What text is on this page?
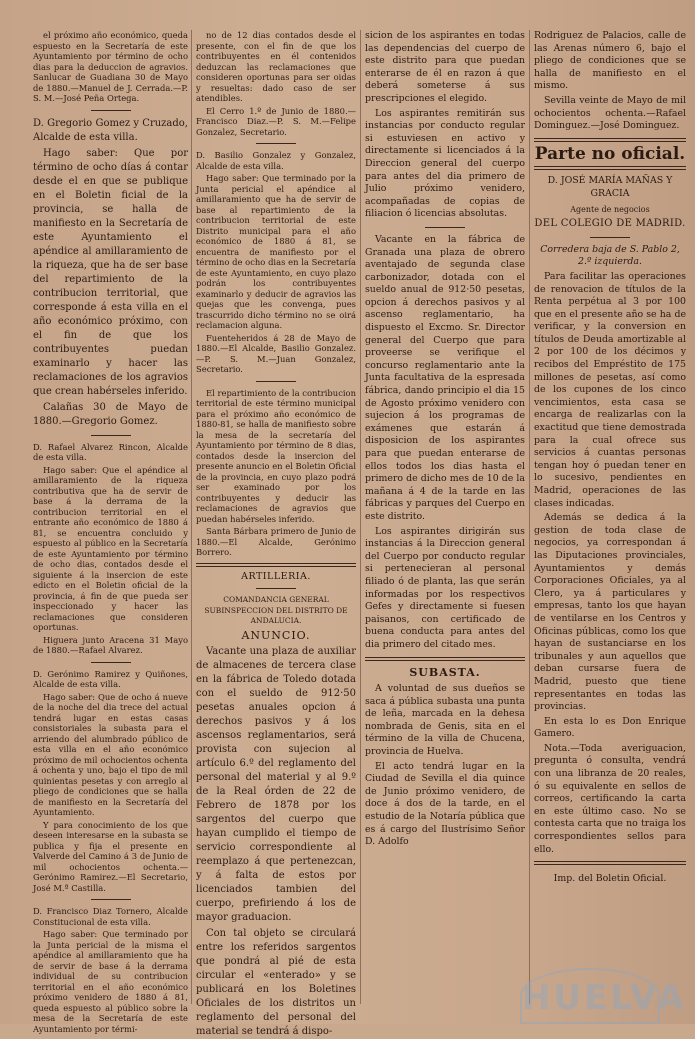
el próximo año económico, queda espuesto en la Secretaría de este Ayuntamiento por término de ocho dias para la deduccion de agravios. Sanlucar de Guadiana 30 de Mayo de 1880.—Manuel de J. Cerrada.—P. S. M.—José Peña Ortega.

D. Gregorio Gomez y Cruzado, Alcalde de esta villa.

Hago saber: Que por término de ocho días á contar desde el en que se publique en el Boletin ficial de la provincia, se halla de manifiesto en la Secretaría de este Ayuntamiento el apéndice al amillaramiento de la riqueza, que ha de ser base del repartimiento de la contribucion territorial, que corresponde á esta villa en el año económico próximo, con el fin de que los contribuyentes puedan examinarlo y hacer las reclamaciones de los agravios que crean habérseles inferido.

Calañas 30 de Mayo de 1880.—Gregorio Gomez.

D. Rafael Alvarez Rincon, Alcalde de esta villa.

Hago saber: Que el apéndice al amillaramiento de la riqueza contributiva que ha de servir de base á la derrama de la contribucion territorial en el entrante año económico de 1880 á 81, se encuentra concluido y espuesto al público en la Secretaría de este Ayuntamiento por término de ocho dias, contados desde el siguiente á la insercion de este edicto en el Boletin oficial de la provincia, á fin de que pueda ser inspeccionado y hacer las reclamaciones que consideren oportunas.

Higuera junto Aracena 31 Mayo de 1880.—Rafael Alvarez.

D. Gerónimo Ramirez y Quiñones, Alcalde de esta villa.

Hago saber: Que de ocho á nueve de la noche del dia trece del actual tendrá lugar en estas casas consistoriales la subasta para el arriendo del alumbrado público de esta villa en el año económico próximo de mil ochocientos ochenta á ochenta y uno, bajo el tipo de mil quinientas pesetas y con arreglo al pliego de condiciones que se halla de manifiesto en la Secretaría del Ayuntamiento.

Y para conocimiento de los que deseen interesarse en la subasta se publica y fija el presente en Valverde del Camino á 3 de Junio de mil ochocientos ochenta.—Gerónimo Ramirez.—El Secretario, José M.ª Castilla.

D. Francisco Diaz Tornero, Alcalde Constitucional de esta villa.

Hago saber: Que terminado por la Junta pericial de la misma el apéndice al amillaramiento que ha de servir de base á la derrama individual de su contribucion territorial en el año económico próximo venidero de 1880 á 81, queda espuesto al público sobre la mesa de la Secretaría de este Ayuntamiento por térmi-

no de 12 dias contados desde el presente, con el fin de que los contribuyentes en él contenidos deduzcan las reclamaciones que consideren oportunas para ser oidas y resueltas: dado caso de ser atendibles.

El Cerro 1.º de Junio de 1880.—Francisco Diaz.—P. S. M.—Felipe Gonzalez, Secretario.

D. Basilio Gonzalez y Gonzalez, Alcalde de esta villa.

Hago saber: Que terminado por la Junta pericial el apéndice al amillaramiento que ha de servir de base al repartimiento de la contribucion territorial de este Distrito municipal para el año económico de 1880 á 81, se encuentra de manifiesto por el término de ocho dias en la Secretaría de este Ayuntamiento, en cuyo plazo podrán los contribuyentes examinarlo y deducir de agravios las quejas que les convenga, pues trascurrido dicho término no se oirá reclamacion alguna.

Fuenteheridos á 28 de Mayo de 1880.—El Alcalde, Basilio Gonzalez.—P. S. M.—Juan Gonzalez, Secretario.

El repartimiento de la contribucion territorial de este término municipal para el próximo año económico de 1880-81, se halla de manifiesto sobre la mesa de la secretaría del Ayuntamiento por término de 8 dias, contados desde la insercion del presente anuncio en el Boletin Oficial de la provincia, en cuyo plazo podrá ser examinado por los contribuyentes y deducir las reclamaciones de agravios que puedan habérseles inferido.

Santa Bárbara primero de Junio de 1880.—El Alcalde, Gerónimo Borrero.

ARTILLERIA.

COMANDANCIA GENERAL SUBINSPECCION DEL DISTRITO DE ANDALUCIA.

ANUNCIO.

Vacante una plaza de auxiliar de almacenes de tercera clase en la fábrica de Toledo dotada con el sueldo de 912·50 pesetas anuales opcion á derechos pasivos y á los ascensos reglamentarios, será provista con sujecion al artículo 6.º del reglamento del personal del material y al 9.º de la Real órden de 22 de Febrero de 1878 por los sargentos del cuerpo que hayan cumplido el tiempo de servicio correspondiente al reemplazo á que pertenezcan, y á falta de estos por licenciados tambien del cuerpo, prefiriendo á los de mayor graduacion.

Con tal objeto se circulará entre los referidos sargentos que pondrá al pié de esta circular el «enterado» y se publicará en los Boletines Oficiales de los distritos un reglamento del personal del material se tendrá á dispo-

sicion de los aspirantes en todas las dependencias del cuerpo de este distrito para que puedan enterarse de él en razon á que deberá someterse á sus prescripciones el elegido.

Los aspirantes remitirán sus instancias por conducto regular si estuviesen en activo y directamente si licenciados á la Direccion general del cuerpo para antes del dia primero de Julio próximo venidero, acompañadas de copias de filiacion ó licencias absolutas.

Vacante en la fábrica de Granada una plaza de obrero aventajado de segunda clase carbonizador, dotada con el sueldo anual de 912·50 pesetas, opcion á derechos pasivos y al ascenso reglamentario, ha dispuesto el Excmo. Sr. Director general del Cuerpo que para proveerse se verifique el concurso reglamentario ante la Junta facultativa de la espresada fábrica, dando principio el dia 15 de Agosto próximo venidero con sujecion á los programas de exámenes que estarán á disposicion de los aspirantes para que puedan enterarse de ellos todos los dias hasta el primero de dicho mes de 10 de la mañana á 4 de la tarde en las fábricas y parques del Cuerpo en este distrito.

Los aspirantes dirigirán sus instancias á la Direccion general del Cuerpo por conducto regular si pertenecieran al personal filiado ó de planta, las que serán informadas por los respectivos Gefes y directamente si fuesen paisanos, con certificado de buena conducta para antes del dia primero del citado mes.

SUBASTA.

A voluntad de sus dueños se saca á pública subasta una punta de leña, marcada en la dehesa nombrada de Genis, sita en el término de la villa de Chucena, provincia de Huelva.

El acto tendrá lugar en la Ciudad de Sevilla el dia quince de Junio próximo venidero, de doce á dos de la tarde, en el estudio de la Notaría pública que es á cargo del Ilustrísimo Señor D. Adolfo

Rodriguez de Palacios, calle de las Arenas número 6, bajo el pliego de condiciones que se halla de manifiesto en el mismo.

Sevilla veinte de Mayo de mil ochocientos ochenta.—Rafael Dominguez.—José Dominguez.

Parte no oficial.

D. JOSÉ MARÍA MAÑAS Y GRACIA

Agente de negocios

DEL COLEGIO DE MADRID.

Corredera baja de S. Pablo 2, 2.º izquierda.

Para facilitar las operaciones de renovacion de títulos de la Renta perpétua al 3 por 100 que en el presente año se ha de verificar, y la conversion en títulos de Deuda amortizable al 2 por 100 de los décimos y recibos del Empréstito de 175 millones de pesetas, así como de los cupones de los cinco vencimientos, esta casa se encarga de realizarlas con la exactitud que tiene demostrada para la cual ofrece sus servicios á cuantas personas tengan hoy ó puedan tener en lo sucesivo, pendientes en Madrid, operaciones de las clases indicadas.

Además se dedica á la gestion de toda clase de negocios, ya correspondan á las Diputaciones provinciales, Ayuntamientos y demás Corporaciones Oficiales, ya al Clero, ya á particulares y empresas, tanto los que hayan de ventilarse en los Centros y Oficinas públicas, como los que hayan de sustanciarse en los tribunales y aun aquellos que deban cursarse fuera de Madrid, puesto que tiene representantes en todas las provincias.

En esta lo es Don Enrique Gamero.

Nota.—Toda averiguacion, pregunta ó consulta, vendrá con una libranza de 20 reales, ó su equivalente en sellos de correos, certificando la carta en este último caso. No se contesta carta que no traiga los correspondientes sellos para ello.

Imp. del Boletin Oficial.

HUELVA
